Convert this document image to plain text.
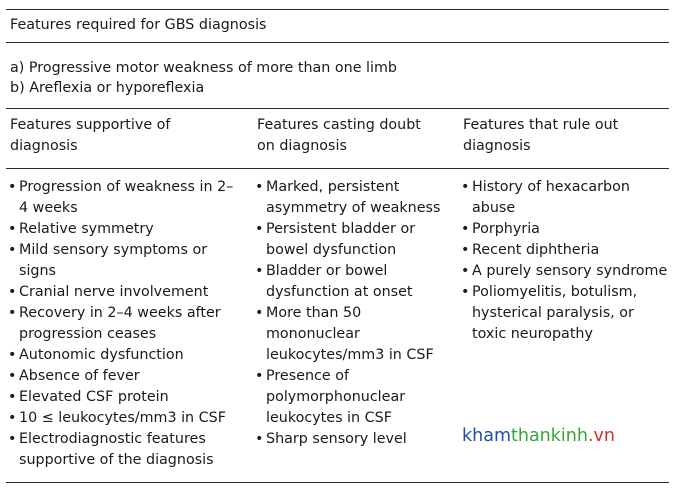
Features required for GBS diagnosis
a) Progressive motor weakness of more than one limb
b) Areflexia or hyporeflexia
Features supportive of
diagnosis
• Progression of weakness in 2–4 weeks
• Relative symmetry
• Mild sensory symptoms or signs
• Cranial nerve involvement
• Recovery in 2–4 weeks after progression ceases
• Autonomic dysfunction
• Absence of fever
• Elevated CSF protein
• 10 ≤ leukocytes/mm3 in CSF
• Electrodiagnostic features supportive of the diagnosis
Features casting doubt
on diagnosis
• Marked, persistent asymmetry of weakness
• Persistent bladder or bowel dysfunction
• Bladder or bowel dysfunction at onset
• More than 50 mononuclear leukocytes/mm3 in CSF
• Presence of polymorphonuclear leukocytes in CSF
• Sharp sensory level
Features that rule out
diagnosis
• History of hexacarbon abuse
• Porphyria
• Recent diphtheria
• A purely sensory syndrome
• Poliomyelitis, botulism, hysterical paralysis, or toxic neuropathy
khamthankinh.vn
